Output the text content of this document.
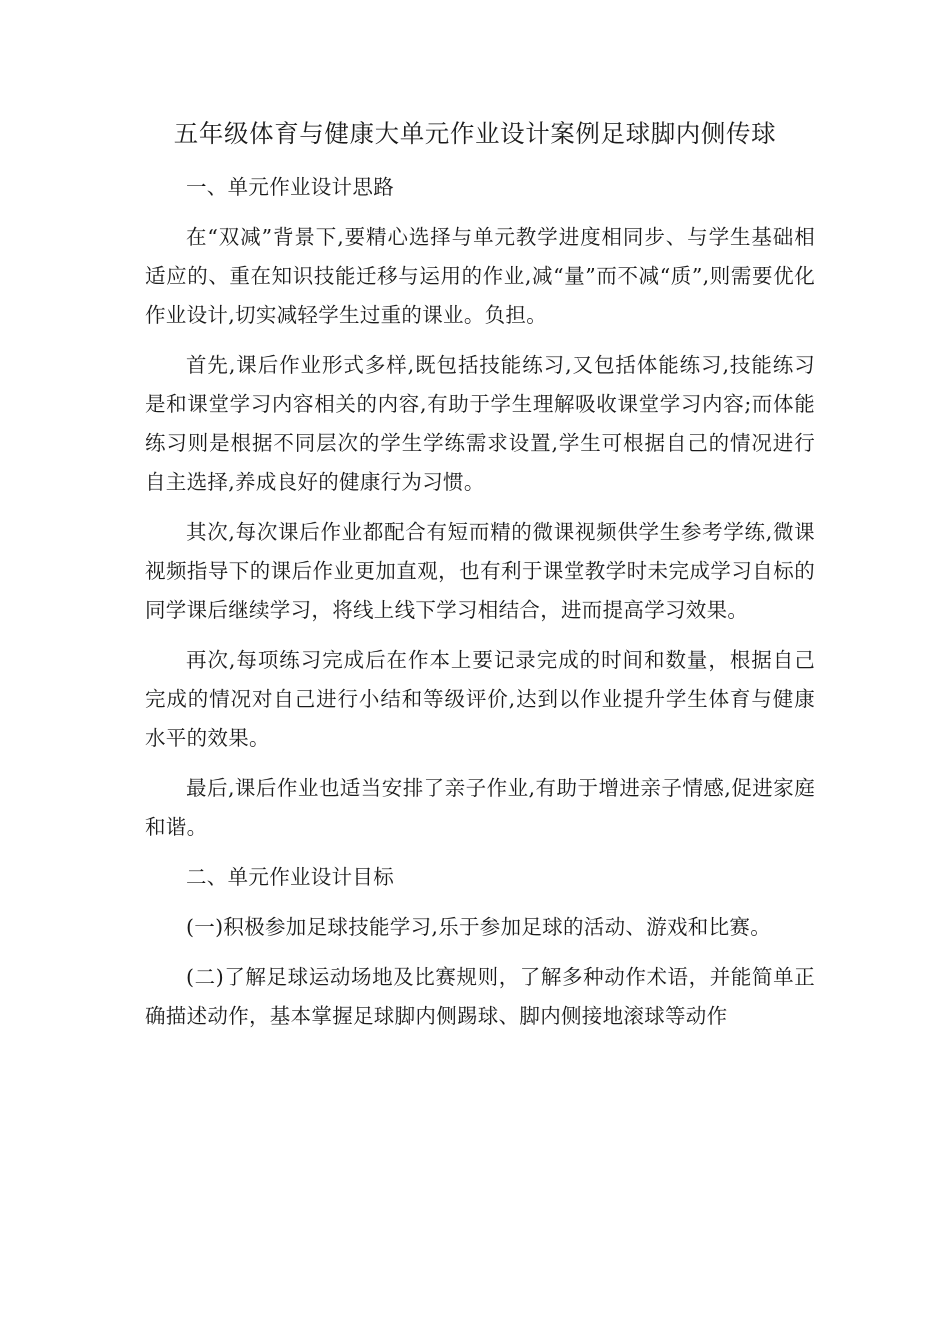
五年级体育与健康大单元作业设计案例足球脚内侧传球

一、单元作业设计思路

在“双减”背景下,要精心选择与单元教学进度相同步、与学生基础相适应的、重在知识技能迁移与运用的作业,减“量”而不减“质”,则需要优化作业设计,切实减轻学生过重的课业。负担。

首先,课后作业形式多样,既包括技能练习,又包括体能练习,技能练习是和课堂学习内容相关的内容,有助于学生理解吸收课堂学习内容;而体能练习则是根据不同层次的学生学练需求设置,学生可根据自己的情况进行自主选择,养成良好的健康行为习惯。

其次,每次课后作业都配合有短而精的微课视频供学生参考学练,微课视频指导下的课后作业更加直观，也有利于课堂教学时未完成学习自标的同学课后继续学习，将线上线下学习相结合，进而提高学习效果。

再次,每项练习完成后在作本上要记录完成的时间和数量，根据自己完成的情况对自己进行小结和等级评价,达到以作业提升学生体育与健康水平的效果。

最后,课后作业也适当安排了亲子作业,有助于增进亲子情感,促进家庭和谐。

二、单元作业设计目标

(一)积极参加足球技能学习,乐于参加足球的活动、游戏和比赛。

(二)了解足球运动场地及比赛规则，了解多种动作术语，并能简单正确描述动作，基本掌握足球脚内侧踢球、脚内侧接地滚球等动作
